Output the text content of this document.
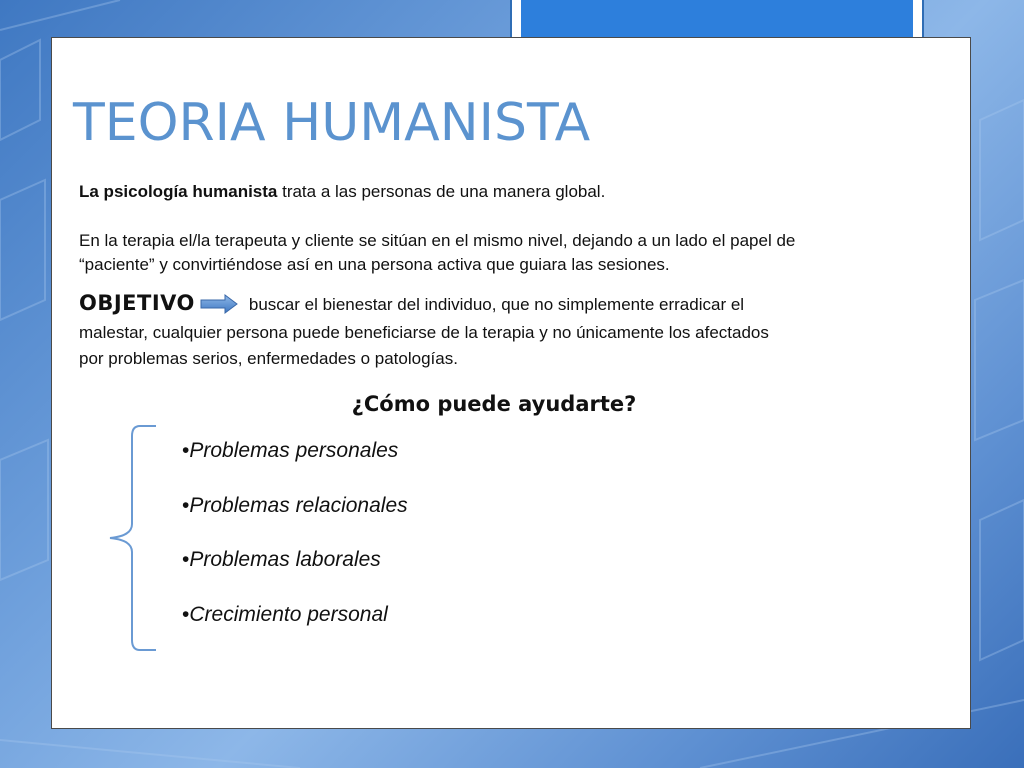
TEORIA HUMANISTA

La psicología humanista trata a las personas de una manera global.

En la terapia el/la terapeuta y cliente se sitúan en el mismo nivel, dejando a un lado el papel de
“paciente” y convirtiéndose así en una persona activa que guiara las sesiones.

OBJETIVO	buscar el bienestar del individuo, que no simplemente erradicar el
malestar, cualquier persona puede beneficiarse de la terapia y no únicamente los afectados
por problemas serios, enfermedades o patologías.
¿Cómo puede ayudarte?
•Problemas personales
•Problemas relacionales
•Problemas laborales
•Crecimiento personal
